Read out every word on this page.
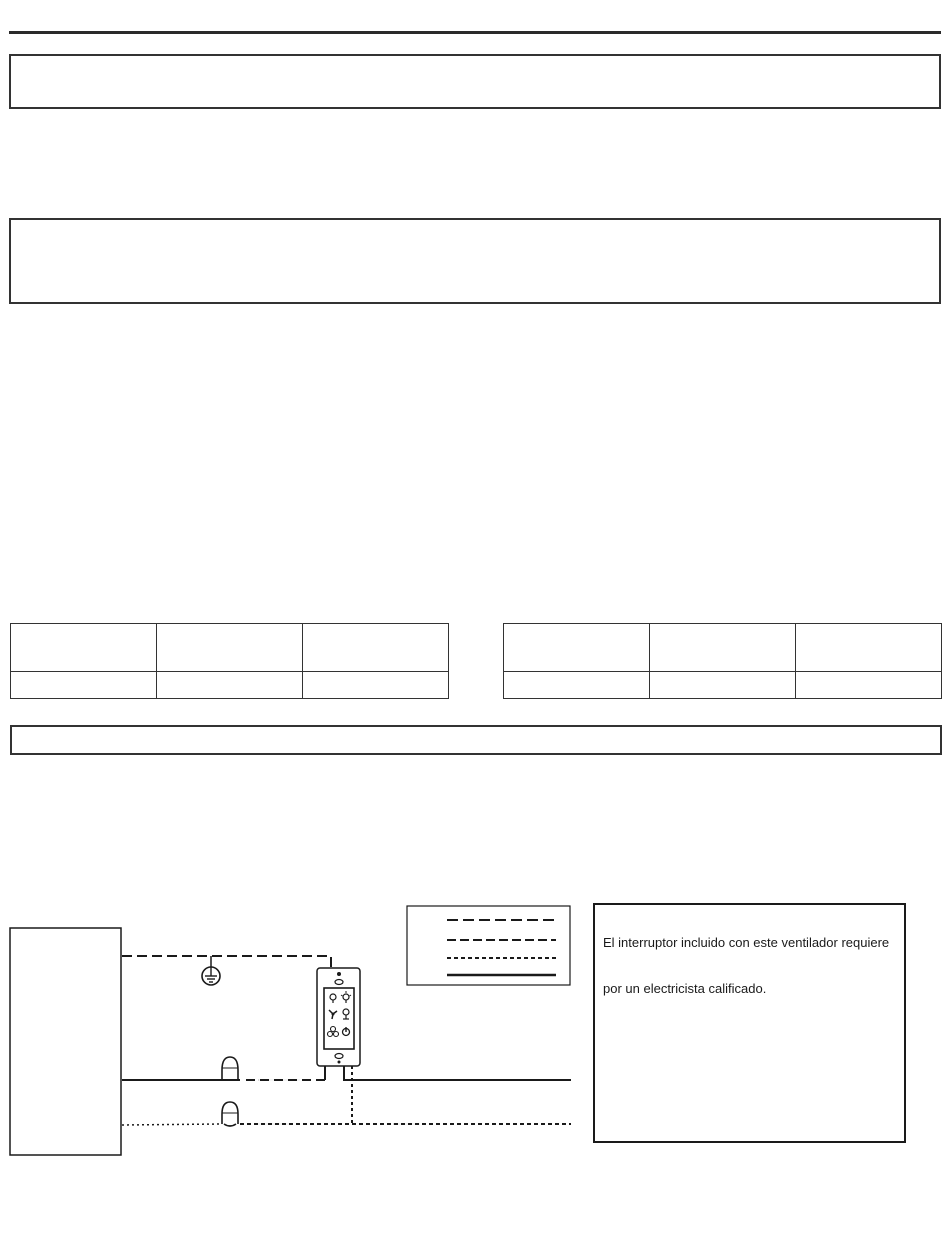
El interruptor incluido con este ventilador requiere
por un electricista calificado.
